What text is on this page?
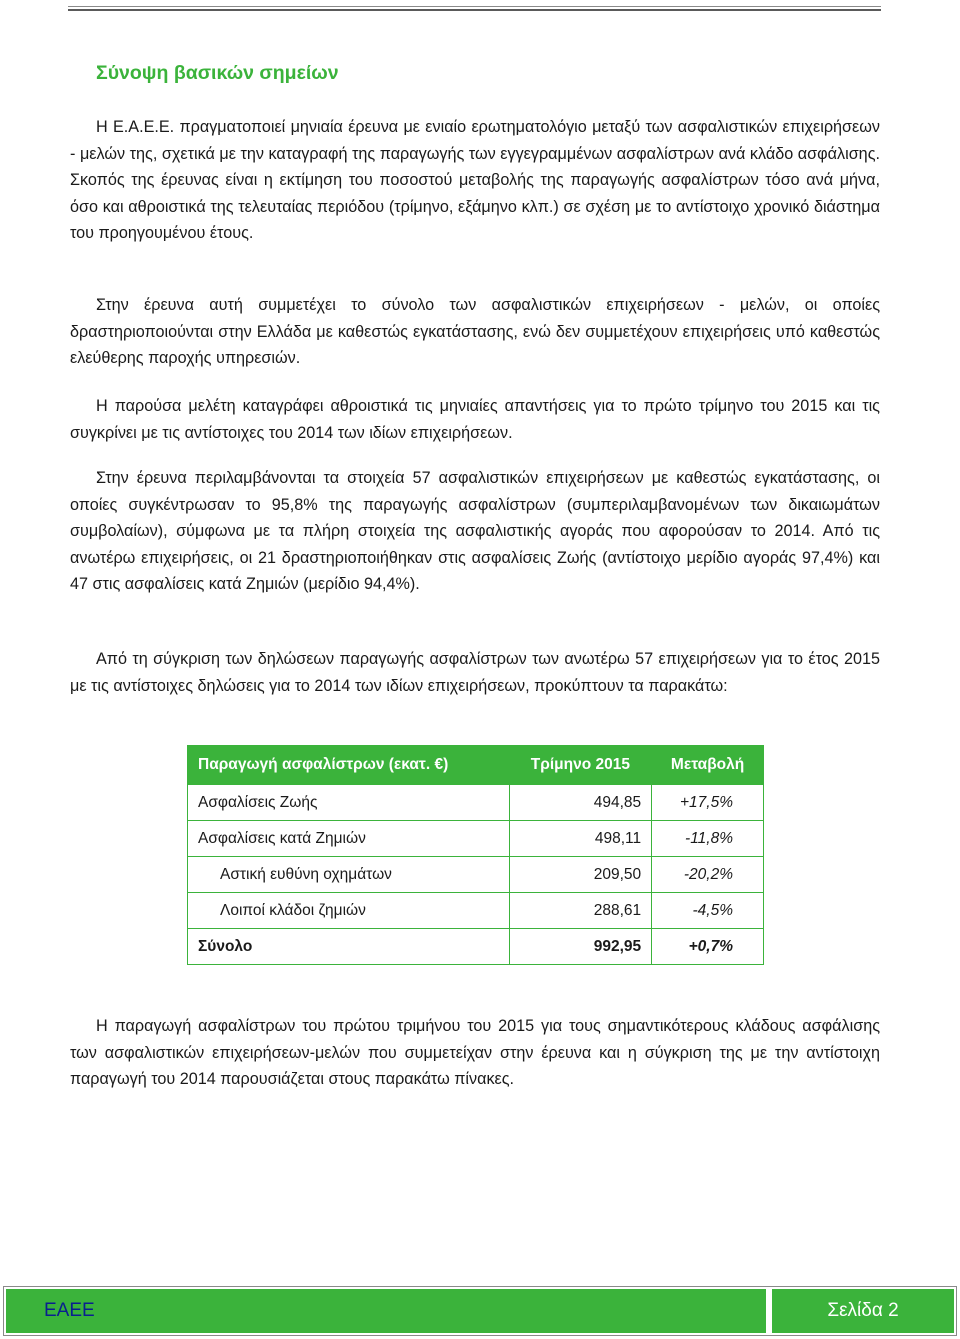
Σύνοψη βασικών σημείων

Η Ε.Α.Ε.Ε. πραγματοποιεί μηνιαία έρευνα με ενιαίο ερωτηματολόγιο μεταξύ των ασφαλιστικών επιχειρήσεων - μελών της, σχετικά με την καταγραφή της παραγωγής των εγγεγραμμένων ασφαλίστρων ανά κλάδο ασφάλισης. Σκοπός της έρευνας είναι η εκτίμηση του ποσοστού μεταβολής της παραγωγής ασφαλίστρων τόσο ανά μήνα, όσο και αθροιστικά της τελευταίας περιόδου (τρίμηνο, εξάμηνο κλπ.) σε σχέση με το αντίστοιχο χρονικό διάστημα του προηγουμένου έτους.

Στην έρευνα αυτή συμμετέχει το σύνολο των ασφαλιστικών επιχειρήσεων - μελών, οι οποίες δραστηριοποιούνται στην Ελλάδα με καθεστώς εγκατάστασης, ενώ δεν συμμετέχουν επιχειρήσεις υπό καθεστώς ελεύθερης παροχής υπηρεσιών.

Η παρούσα μελέτη καταγράφει αθροιστικά τις μηνιαίες απαντήσεις για το πρώτο τρίμηνο του 2015 και τις συγκρίνει με τις αντίστοιχες του 2014 των ιδίων επιχειρήσεων.

Στην έρευνα περιλαμβάνονται τα στοιχεία 57 ασφαλιστικών επιχειρήσεων με καθεστώς εγκατάστασης, οι οποίες συγκέντρωσαν το 95,8% της παραγωγής ασφαλίστρων (συμπεριλαμβανομένων των δικαιωμάτων συμβολαίων), σύμφωνα με τα πλήρη στοιχεία της ασφαλιστικής αγοράς που αφορούσαν το 2014. Από τις ανωτέρω επιχειρήσεις, οι 21 δραστηριοποιήθηκαν στις ασφαλίσεις Ζωής (αντίστοιχο μερίδιο αγοράς 97,4%) και 47 στις ασφαλίσεις κατά Ζημιών (μερίδιο 94,4%).

Από τη σύγκριση των δηλώσεων παραγωγής ασφαλίστρων των ανωτέρω 57 επιχειρήσεων για το έτος 2015 με τις αντίστοιχες δηλώσεις για το 2014 των ιδίων επιχειρήσεων, προκύπτουν τα παρακάτω:

Παραγωγή ασφαλίστρων (εκατ. €)	Τρίμηνο 2015	Μεταβολή
Ασφαλίσεις Ζωής	494,85	+17,5%
Ασφαλίσεις κατά Ζημιών	498,11	-11,8%
Αστική ευθύνη οχημάτων	209,50	-20,2%
Λοιποί κλάδοι ζημιών	288,61	-4,5%
Σύνολο	992,95	+0,7%

Η παραγωγή ασφαλίστρων του πρώτου τριμήνου του 2015 για τους σημαντικότερους κλάδους ασφάλισης των ασφαλιστικών επιχειρήσεων-μελών που συμμετείχαν στην έρευνα και η σύγκριση της με την αντίστοιχη παραγωγή του 2014 παρουσιάζεται στους παρακάτω πίνακες.

ΕΑΕΕ	Σελίδα 2
